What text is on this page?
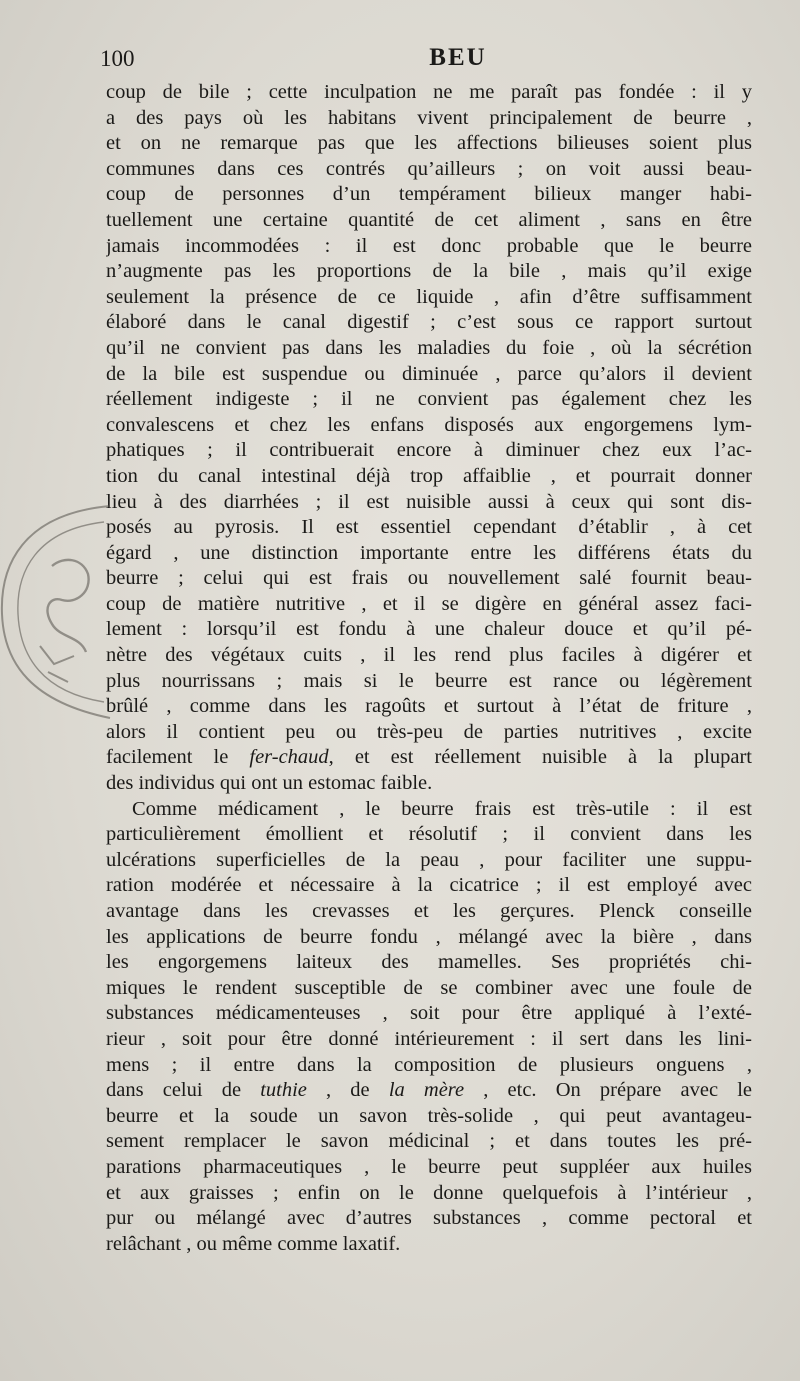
100	BEU
coup de bile ; cette inculpation ne me paraît pas fondée : il y
a des pays où les habitans vivent principalement de beurre ,
et on ne remarque pas que les affections bilieuses soient plus
communes dans ces contrés qu’ailleurs ; on voit aussi beau-
coup de personnes d’un tempérament bilieux manger habi-
tuellement une certaine quantité de cet aliment , sans en être
jamais incommodées : il est donc probable que le beurre
n’augmente pas les proportions de la bile , mais qu’il exige
seulement la présence de ce liquide , afin d’être suffisamment
élaboré dans le canal digestif ; c’est sous ce rapport surtout
qu’il ne convient pas dans les maladies du foie , où la sécrétion
de la bile est suspendue ou diminuée , parce qu’alors il devient
réellement indigeste ; il ne convient pas également chez les
convalescens et chez les enfans disposés aux engorgemens lym-
phatiques ; il contribuerait encore à diminuer chez eux l’ac-
tion du canal intestinal déjà trop affaiblie , et pourrait donner
lieu à des diarrhées ; il est nuisible aussi à ceux qui sont dis-
posés au pyrosis. Il est essentiel cependant d’établir , à cet
égard , une distinction importante entre les différens états du
beurre ; celui qui est frais ou nouvellement salé fournit beau-
coup de matière nutritive , et il se digère en général assez faci-
lement : lorsqu’il est fondu à une chaleur douce et qu’il pé-
nètre des végétaux cuits , il les rend plus faciles à digérer et
plus nourrissans ; mais si le beurre est rance ou légèrement
brûlé , comme dans les ragoûts et surtout à l’état de friture ,
alors il contient peu ou très-peu de parties nutritives , excite
facilement le fer-chaud, et est réellement nuisible à la plupart
des individus qui ont un estomac faible.
Comme médicament , le beurre frais est très-utile : il est
particulièrement émollient et résolutif ; il convient dans les
ulcérations superficielles de la peau , pour faciliter une suppu-
ration modérée et nécessaire à la cicatrice ; il est employé avec
avantage dans les crevasses et les gerçures. Plenck conseille
les applications de beurre fondu , mélangé avec la bière , dans
les engorgemens laiteux des mamelles. Ses propriétés chi-
miques le rendent susceptible de se combiner avec une foule de
substances médicamenteuses , soit pour être appliqué à l’exté-
rieur , soit pour être donné intérieurement : il sert dans les lini-
mens ; il entre dans la composition de plusieurs onguens ,
dans celui de tuthie , de la mère , etc. On prépare avec le
beurre et la soude un savon très-solide , qui peut avantageu-
sement remplacer le savon médicinal ; et dans toutes les pré-
parations pharmaceutiques , le beurre peut suppléer aux huiles
et aux graisses ; enfin on le donne quelquefois à l’intérieur ,
pur ou mélangé avec d’autres substances , comme pectoral et
relâchant , ou même comme laxatif.
